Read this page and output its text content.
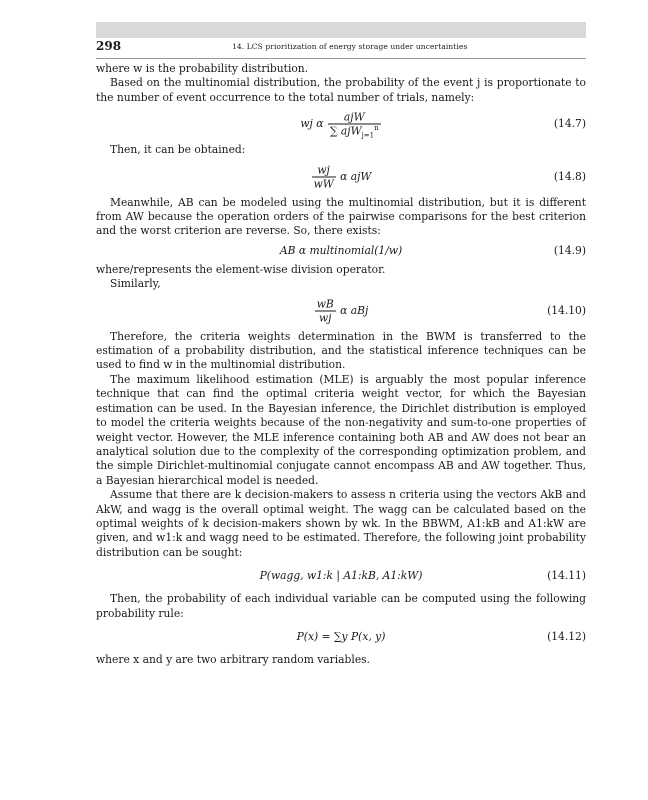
298	14. LCS prioritization of energy storage under uncertainties

where w is the probability distribution.

Based on the multinomial distribution, the probability of the event j is proportionate to the number of event occurrence to the total number of trials, namely:

wj α $\frac{\text{ajW}}{\sum ajW_{j=1}^n}$	(14.7)

Then, it can be obtained:

$\frac{wj}{wW}$ α ajW	(14.8)

Meanwhile, AB can be modeled using the multinomial distribution, but it is different from AW because the operation orders of the pairwise comparisons for the best criterion and the worst criterion are reverse. So, there exists:

AB α multinomial(1/w)	(14.9)

where/represents the element-wise division operator.

Similarly,

$\frac{wB}{wj}$ α aBj	(14.10)

Therefore, the criteria weights determination in the BWM is transferred to the estimation of a probability distribution, and the statistical inference techniques can be used to find w in the multinomial distribution.

The maximum likelihood estimation (MLE) is arguably the most popular inference technique that can find the optimal criteria weight vector, for which the Bayesian estimation can be used. In the Bayesian inference, the Dirichlet distribution is employed to model the criteria weights because of the non-negativity and sum-to-one properties of weight vector. However, the MLE inference containing both AB and AW does not bear an analytical solution due to the complexity of the corresponding optimization problem, and the simple Dirichlet-multinomial conjugate cannot encompass AB and AW together. Thus, a Bayesian hierarchical model is needed.

Assume that there are k decision-makers to assess n criteria using the vectors AkB and AkW, and wagg is the overall optimal weight. The wagg can be calculated based on the optimal weights of k decision-makers shown by wk. In the BBWM, A1:kB and A1:kW are given, and w1:k and wagg need to be estimated. Therefore, the following joint probability distribution can be sought:

P(wagg, w1:k | A1:kB, A1:kW)	(14.11)

Then, the probability of each individual variable can be computed using the following probability rule:

P(x) = ∑y P(x, y)	(14.12)

where x and y are two arbitrary random variables.
